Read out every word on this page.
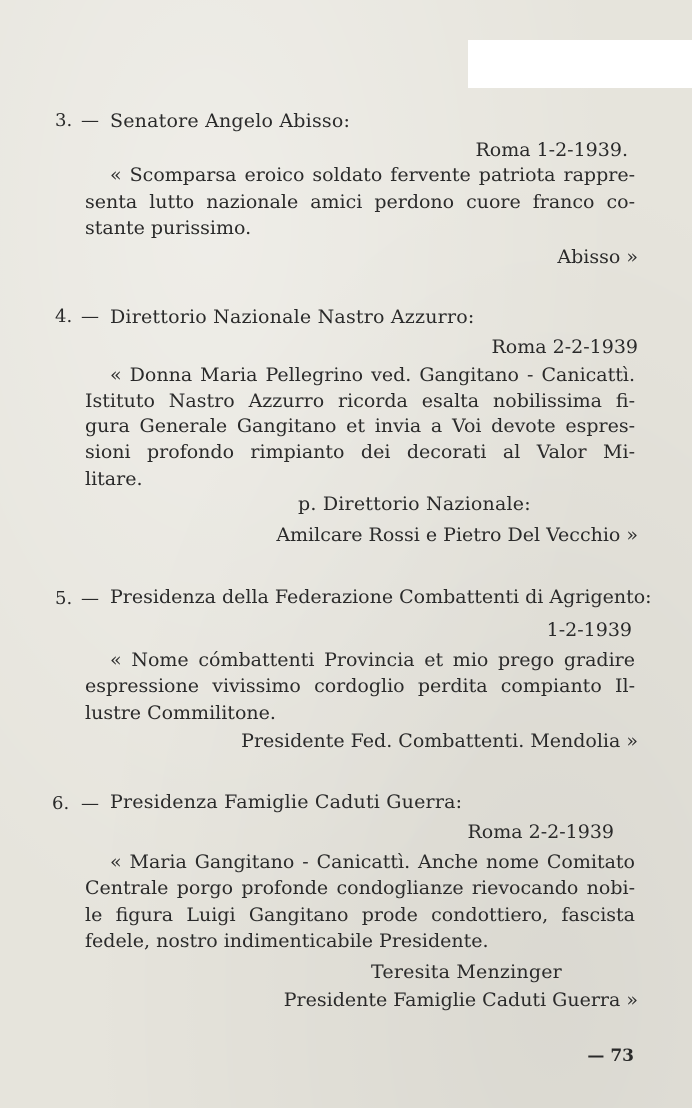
3. — Senatore Angelo Abisso:
Roma 1-2-1939.
« Scomparsa eroico soldato fervente patriota rappre-
senta lutto nazionale amici perdono cuore franco co-
stante purissimo.
Abisso »
4. — Direttorio Nazionale Nastro Azzurro:
Roma 2-2-1939
« Donna Maria Pellegrino ved. Gangitano - Canicattì.
Istituto Nastro Azzurro ricorda esalta nobilissima fi-
gura Generale Gangitano et invia a Voi devote espres-
sioni profondo rimpianto dei decorati al Valor Mi-
litare.
p. Direttorio Nazionale:
Amilcare Rossi e Pietro Del Vecchio »
5. — Presidenza della Federazione Combattenti di Agrigento:
1-2-1939
« Nome cómbattenti Provincia et mio prego gradire
espressione vivissimo cordoglio perdita compianto Il-
lustre Commilitone.
Presidente Fed. Combattenti. Mendolia »
6. — Presidenza Famiglie Caduti Guerra:
Roma 2-2-1939
« Maria Gangitano - Canicattì. Anche nome Comitato
Centrale porgo profonde condoglianze rievocando nobi-
le figura Luigi Gangitano prode condottiero, fascista
fedele, nostro indimenticabile Presidente.
Teresita Menzinger
Presidente Famiglie Caduti Guerra »
— 73
